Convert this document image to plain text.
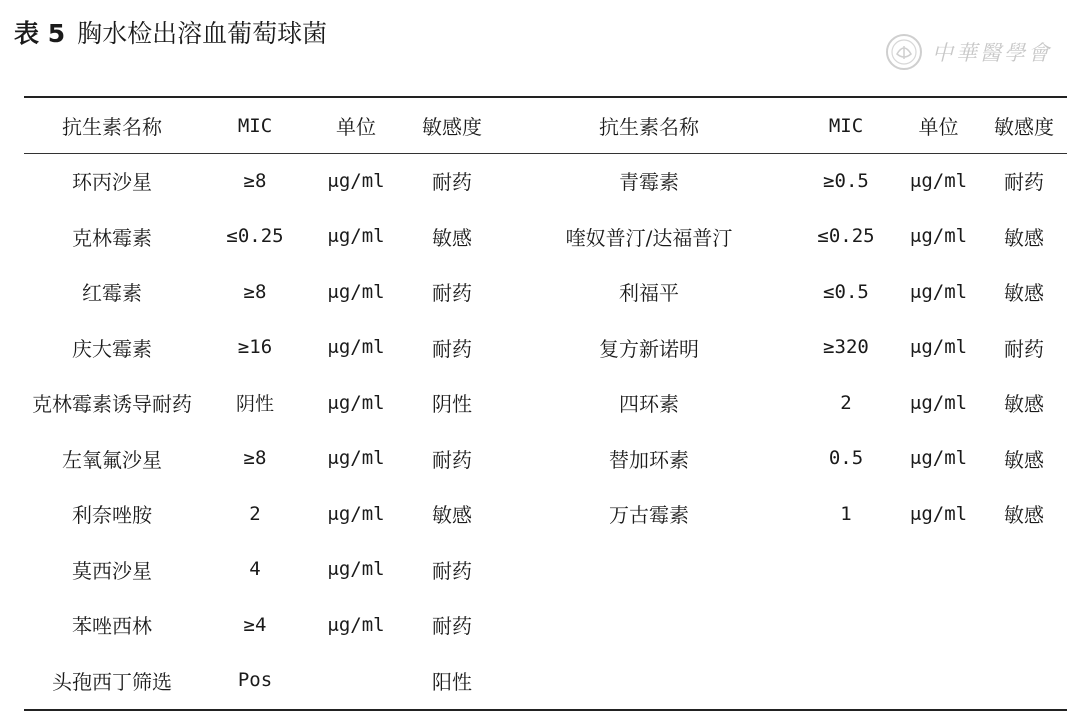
表 5 胸水检出溶血葡萄球菌
中華醫學會
抗生素名称	MIC	单位	敏感度	抗生素名称	MIC	单位	敏感度
环丙沙星	≥8	μg/ml	耐药	青霉素	≥0.5	μg/ml	耐药
克林霉素	≤0.25	μg/ml	敏感	喹奴普汀/达福普汀	≤0.25	μg/ml	敏感
红霉素	≥8	μg/ml	耐药	利福平	≤0.5	μg/ml	敏感
庆大霉素	≥16	μg/ml	耐药	复方新诺明	≥320	μg/ml	耐药
克林霉素诱导耐药	阴性	μg/ml	阴性	四环素	2	μg/ml	敏感
左氧氟沙星	≥8	μg/ml	耐药	替加环素	0.5	μg/ml	敏感
利奈唑胺	2	μg/ml	敏感	万古霉素	1	μg/ml	敏感
莫西沙星	4	μg/ml	耐药				
苯唑西林	≥4	μg/ml	耐药				
头孢西丁筛选	Pos		阳性				
